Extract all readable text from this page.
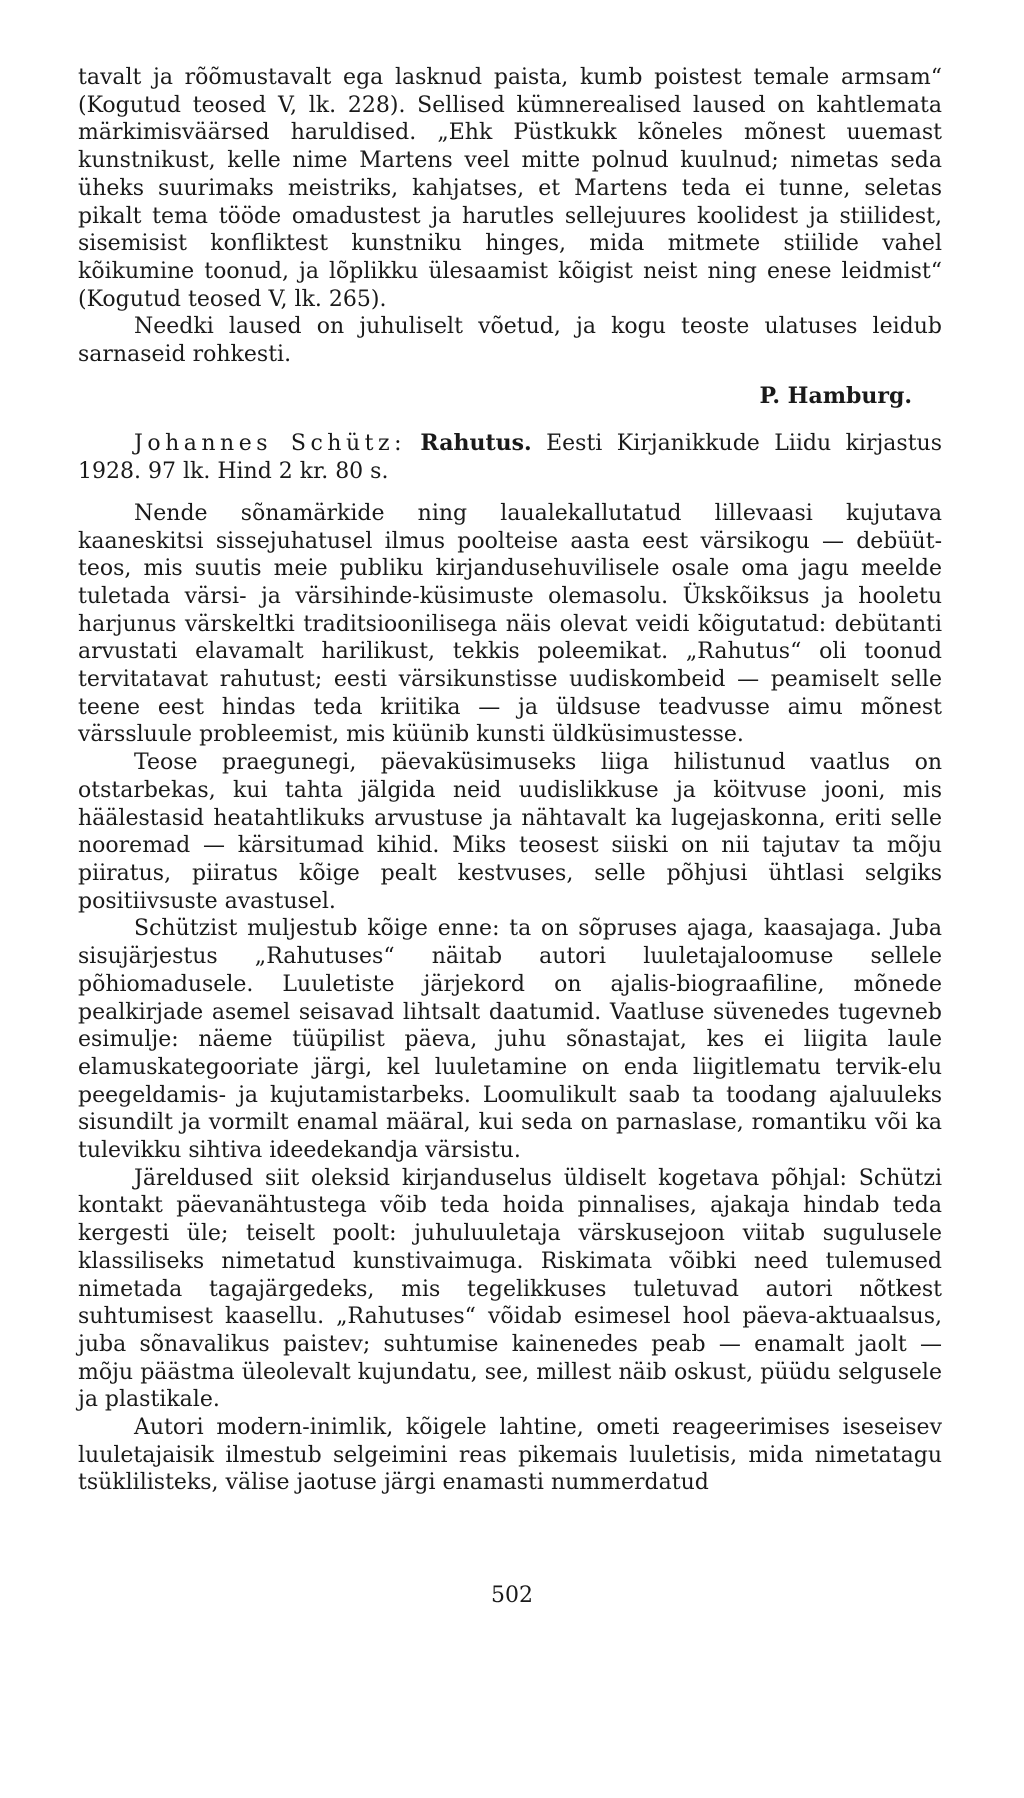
tavalt ja rõõmustavalt ega lasknud paista, kumb poistest temale armsam“ (Kogutud teosed V, lk. 228). Sellised kümnerealised laused on kahtlemata märkimisväärsed haruldised. „Ehk Püstkukk kõneles mõnest uuemast kunstnikust, kelle nime Martens veel mitte polnud kuulnud; nimetas seda üheks suurimaks meistriks, kahjatses, et Martens teda ei tunne, seletas pikalt tema tööde omadustest ja harutles sellejuures koolidest ja stiilidest, sisemisist konfliktest kunstniku hinges, mida mitmete stiilide vahel kõikumine toonud, ja lõplikku ülesaamist kõigist neist ning enese leidmist“ (Kogutud teosed V, lk. 265).

Needki laused on juhuliselt võetud, ja kogu teoste ulatuses leidub sarnaseid rohkesti.

P. Hamburg.

Johannes Schütz: Rahutus. Eesti Kirjanikkude Liidu kirjastus 1928. 97 lk. Hind 2 kr. 80 s.

Nende sõnamärkide ning laualekallutatud lillevaasi kujutava kaaneskitsi sissejuhatusel ilmus poolteise aasta eest värsikogu — debüüt-teos, mis suutis meie publiku kirjandusehuvilisele osale oma jagu meelde tuletada värsi- ja värsihinde-küsimuste olemasolu. Ükskõiksus ja hooletu harjunus värskeltki traditsioonilisega näis olevat veidi kõigutatud: debütanti arvustati elavamalt harilikust, tekkis poleemikat. „Rahutus“ oli toonud tervitatavat rahutust; eesti värsikunstisse uudiskombeid — peamiselt selle teene eest hindas teda kriitika — ja üldsuse teadvusse aimu mõnest värssluule probleemist, mis küünib kunsti üldküsimustesse.

Teose praegunegi, päevaküsimuseks liiga hilistunud vaatlus on otstarbekas, kui tahta jälgida neid uudislikkuse ja köitvuse jooni, mis häälestasid heatahtlikuks arvustuse ja nähtavalt ka lugejaskonna, eriti selle nooremad — kärsitumad kihid. Miks teosest siiski on nii tajutav ta mõju piiratus, piiratus kõige pealt kestvuses, selle põhjusi ühtlasi selgiks positiivsuste avastusel.

Schützist muljestub kõige enne: ta on sõpruses ajaga, kaasajaga. Juba sisujärjestus „Rahutuses“ näitab autori luuletajaloomuse sellele põhiomadusele. Luuletiste järjekord on ajalis-biograafiline, mõnede pealkirjade asemel seisavad lihtsalt daatumid. Vaatluse süvenedes tugevneb esimulje: näeme tüüpilist päeva, juhu sõnastajat, kes ei liigita laule elamuskategooriate järgi, kel luuletamine on enda liigitlematu tervik-elu peegeldamis- ja kujutamistarbeks. Loomulikult saab ta toodang ajaluuleks sisundilt ja vormilt enamal määral, kui seda on parnaslase, romantiku või ka tulevikku sihtiva ideedekandja värsistu.

Järeldused siit oleksid kirjanduselus üldiselt kogetava põhjal: Schützi kontakt päevanähtustega võib teda hoida pinnalises, ajakaja hindab teda kergesti üle; teiselt poolt: juhuluuletaja värskusejoon viitab sugulusele klassiliseks nimetatud kunstivaimuga. Riskimata võibki need tulemused nimetada tagajärgedeks, mis tegelikkuses tuletuvad autori nõtkest suhtumisest kaasellu. „Rahutuses“ võidab esimesel hool päeva-aktuaalsus, juba sõnavalikus paistev; suhtumise kainenedes peab — enamalt jaolt — mõju päästma üleolevalt kujundatu, see, millest näib oskust, püüdu selgusele ja plastikale.

Autori modern-inimlik, kõigele lahtine, ometi reageerimises iseseisev luuletajaisik ilmestub selgeimini reas pikemais luuletisis, mida nimetatagu tsüklilisteks, välise jaotuse järgi enamasti nummerdatud

502
